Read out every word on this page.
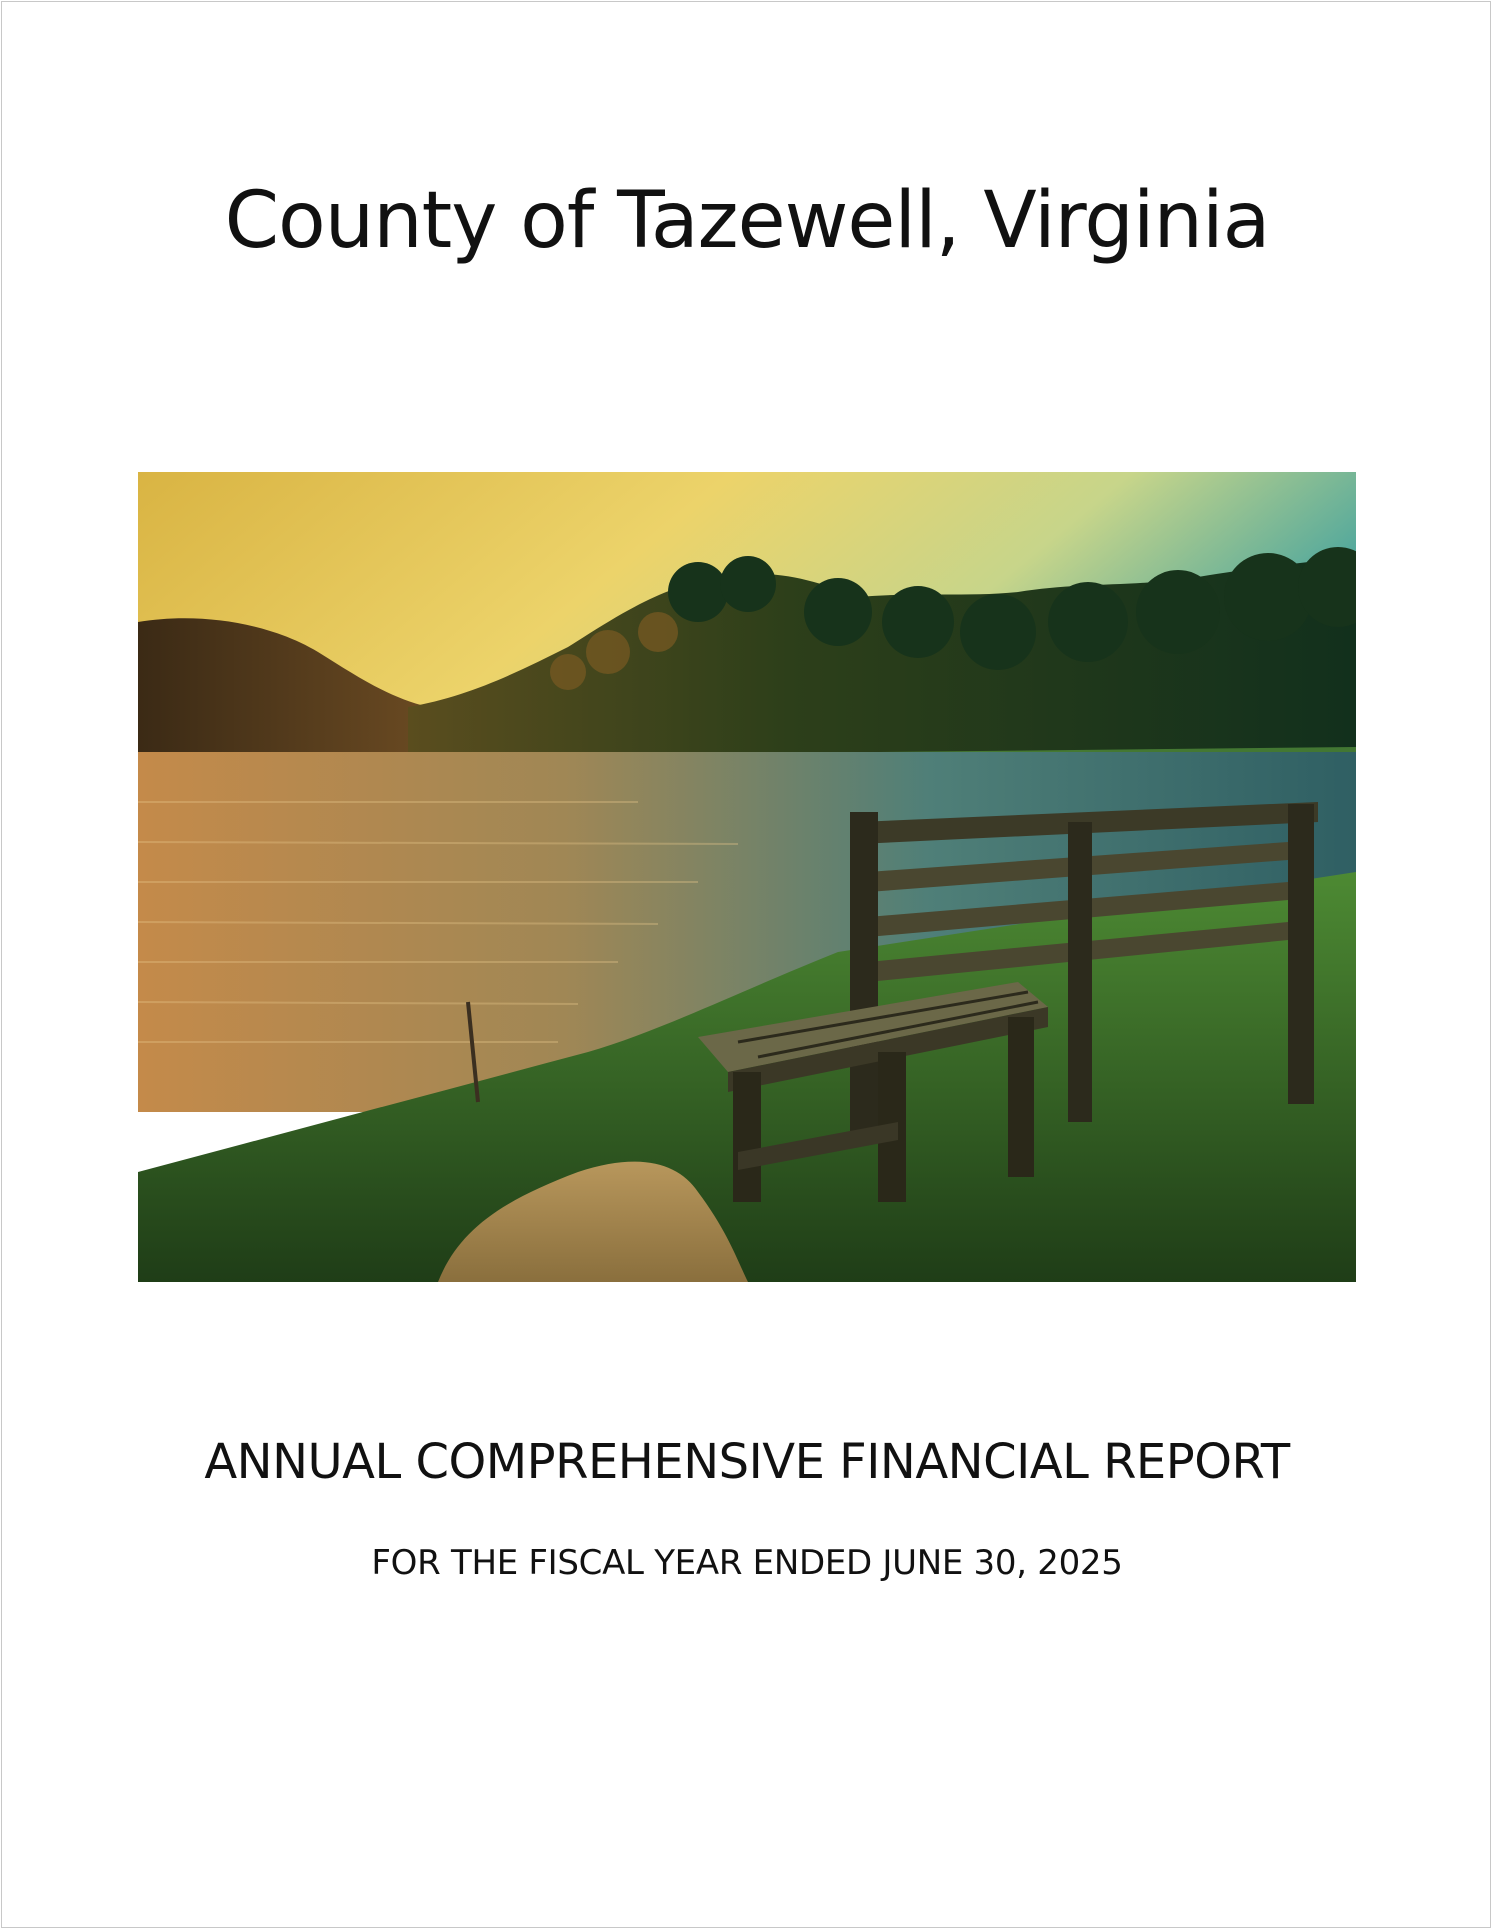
County of Tazewell, Virginia
ANNUAL COMPREHENSIVE FINANCIAL REPORT
FOR THE FISCAL YEAR ENDED JUNE 30, 2025
